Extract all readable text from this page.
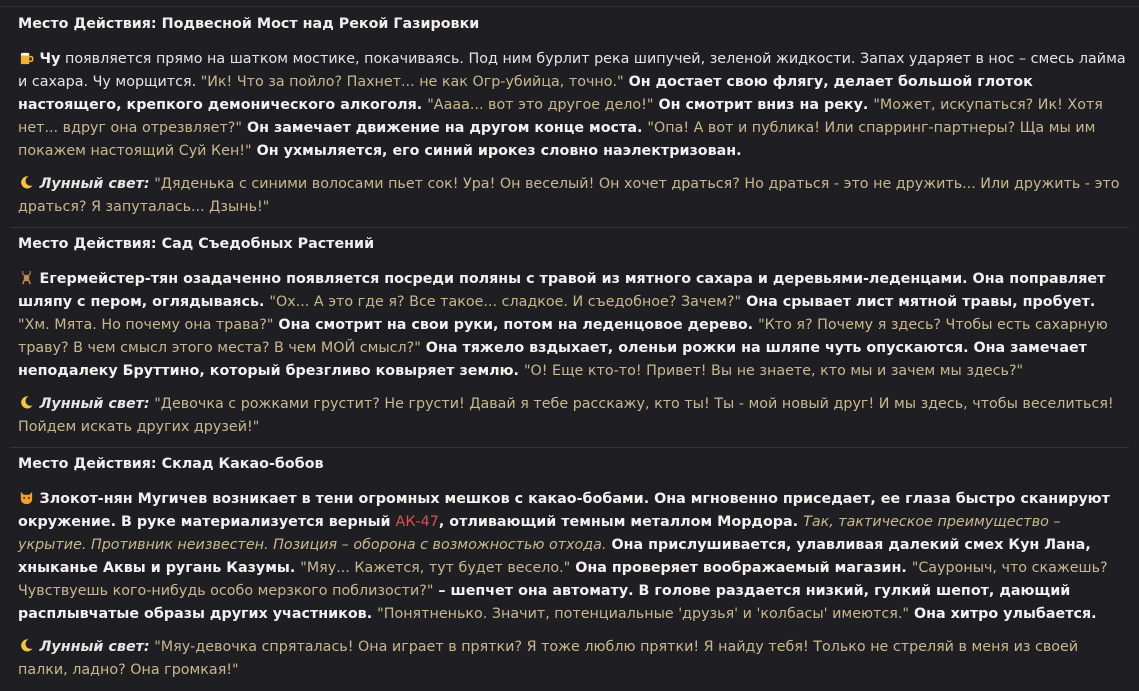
Место Действия: Подвесной Мост над Рекой Газировки

Чу появляется прямо на шатком мостике, покачиваясь. Под ним бурлит река шипучей, зеленой жидкости. Запах ударяет в нос – смесь лайма и сахара. Чу морщится. "Ик! Что за пойло? Пахнет... не как Огр-убийца, точно." Он достает свою флягу, делает большой глоток настоящего, крепкого демонического алкоголя. "Аааа... вот это другое дело!" Он смотрит вниз на реку. "Может, искупаться? Ик! Хотя нет... вдруг она отрезвляет?" Он замечает движение на другом конце моста. "Опа! А вот и публика! Или спарринг-партнеры? Ща мы им покажем настоящий Суй Кен!" Он ухмыляется, его синий ирокез словно наэлектризован.

Лунный свет: "Дяденька с синими волосами пьет сок! Ура! Он веселый! Он хочет драться? Но драться - это не дружить... Или дружить - это драться? Я запуталась... Дзынь!"

Место Действия: Сад Съедобных Растений

Егермейстер-тян озадаченно появляется посреди поляны с травой из мятного сахара и деревьями-леденцами. Она поправляет шляпу с пером, оглядываясь. "Ох... А это где я? Все такое... сладкое. И съедобное? Зачем?" Она срывает лист мятной травы, пробует. "Хм. Мята. Но почему она трава?" Она смотрит на свои руки, потом на леденцовое дерево. "Кто я? Почему я здесь? Чтобы есть сахарную траву? В чем смысл этого места? В чем МОЙ смысл?" Она тяжело вздыхает, оленьи рожки на шляпе чуть опускаются. Она замечает неподалеку Бруттино, который брезгливо ковыряет землю. "О! Еще кто-то! Привет! Вы не знаете, кто мы и зачем мы здесь?"

Лунный свет: "Девочка с рожками грустит? Не грусти! Давай я тебе расскажу, кто ты! Ты - мой новый друг! И мы здесь, чтобы веселиться! Пойдем искать других друзей!"

Место Действия: Склад Какао-бобов

Злокот-нян Мугичев возникает в тени огромных мешков с какао-бобами. Она мгновенно приседает, ее глаза быстро сканируют окружение. В руке материализуется верный АК-47, отливающий темным металлом Мордора. Так, тактическое преимущество – укрытие. Противник неизвестен. Позиция – оборона с возможностью отхода. Она прислушивается, улавливая далекий смех Кун Лана, хныканье Аквы и ругань Казумы. "Мяу... Кажется, тут будет весело." Она проверяет воображаемый магазин. "Сауроныч, что скажешь? Чувствуешь кого-нибудь особо мерзкого поблизости?" – шепчет она автомату. В голове раздается низкий, гулкий шепот, дающий расплывчатые образы других участников. "Понятненько. Значит, потенциальные 'друзья' и 'колбасы' имеются." Она хитро улыбается.

Лунный свет: "Мяу-девочка спряталась! Она играет в прятки? Я тоже люблю прятки! Я найду тебя! Только не стреляй в меня из своей палки, ладно? Она громкая!"
